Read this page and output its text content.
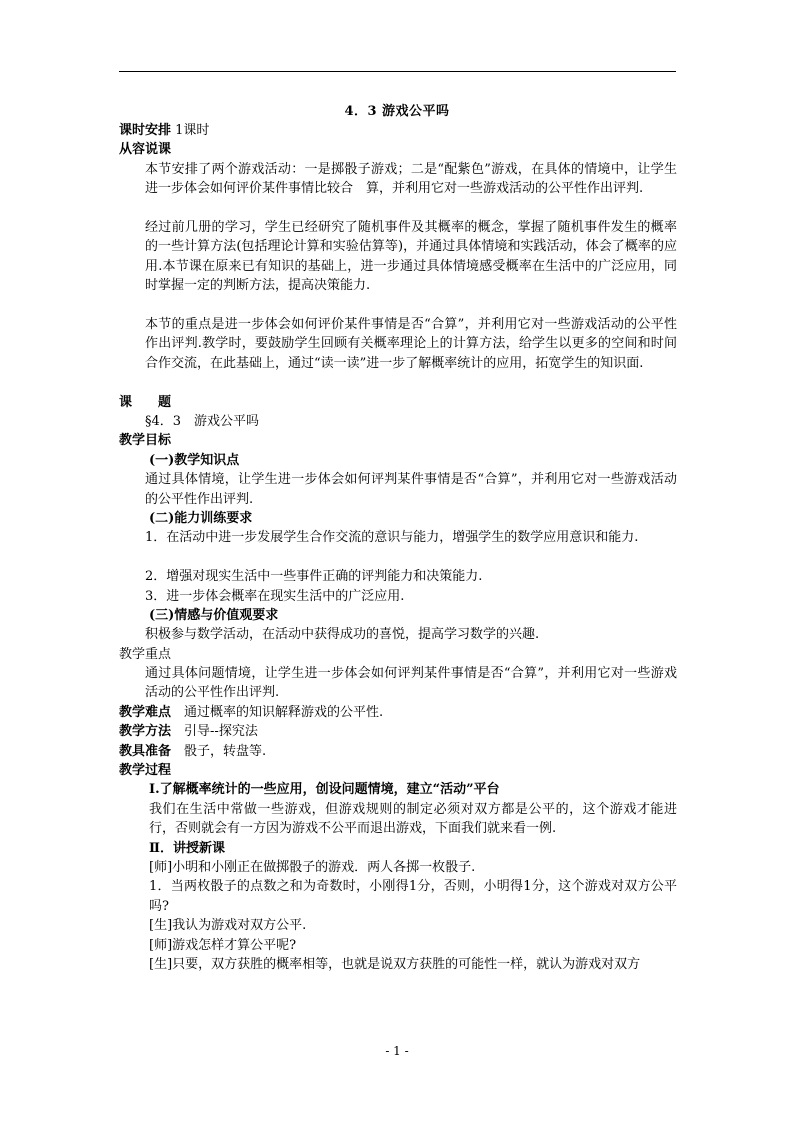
4．3 游戏公平吗
课时安排 1课时
从容说课
本节安排了两个游戏活动：一是掷骰子游戏；二是“配紫色”游戏，在具体的情境中，让学生进一步体会如何评价某件事情比较合　算，并利用它对一些游戏活动的公平性作出评判.
经过前几册的学习，学生已经研究了随机事件及其概率的概念，掌握了随机事件发生的概率的一些计算方法(包括理论计算和实验估算等)，并通过具体情境和实践活动，体会了概率的应用.本节课在原来已有知识的基础上，进一步通过具体情境感受概率在生活中的广泛应用，同时掌握一定的判断方法，提高决策能力.
本节的重点是进一步体会如何评价某件事情是否“合算”，并利用它对一些游戏活动的公平性作出评判.教学时，要鼓励学生回顾有关概率理论上的计算方法，给学生以更多的空间和时间合作交流，在此基础上，通过“读一读”进一步了解概率统计的应用，拓宽学生的知识面.
课　　题
§4．3　游戏公平吗
教学目标
(一)教学知识点
通过具体情境，让学生进一步体会如何评判某件事情是否“合算”，并利用它对一些游戏活动的公平性作出评判.
(二)能力训练要求
1．在活动中进一步发展学生合作交流的意识与能力，增强学生的数学应用意识和能力.
2．增强对现实生活中一些事件正确的评判能力和决策能力.
3．进一步体会概率在现实生活中的广泛应用.
(三)情感与价值观要求
积极参与数学活动，在活动中获得成功的喜悦，提高学习数学的兴趣.
教学重点
通过具体问题情境，让学生进一步体会如何评判某件事情是否“合算”，并利用它对一些游戏活动的公平性作出评判.
教学难点　 通过概率的知识解释游戏的公平性.
教学方法　 引导--探究法
教具准备　 骰子，转盘等.
教学过程
Ⅰ.了解概率统计的一些应用，创设问题情境，建立“活动”平台
我们在生活中常做一些游戏，但游戏规则的制定必须对双方都是公平的，这个游戏才能进行，否则就会有一方因为游戏不公平而退出游戏，下面我们就来看一例.
Ⅱ．讲授新课
[师]小明和小刚正在做掷骰子的游戏．两人各掷一枚骰子.
1．当两枚骰子的点数之和为奇数时，小刚得1分，否则，小明得1分，这个游戏对双方公平吗?
[生]我认为游戏对双方公平.
[师]游戏怎样才算公平呢?
[生]只要，双方获胜的概率相等，也就是说双方获胜的可能性一样，就认为游戏对双方
- 1 -
